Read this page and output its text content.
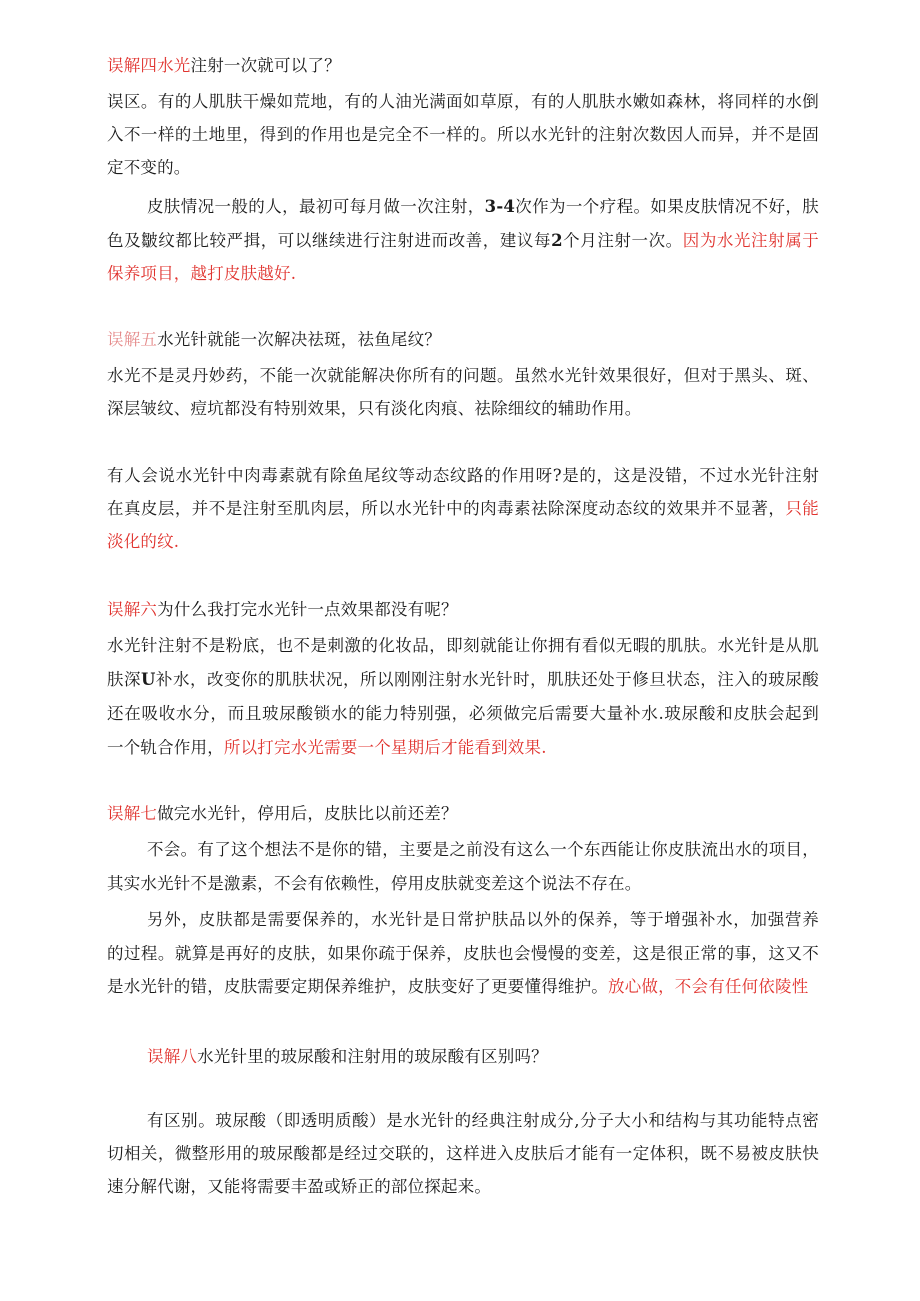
误解四水光注射一次就可以了？
误区。有的人肌肤干燥如荒地，有的人油光满面如草原，有的人肌肤水嫩如森林，将同样的水倒
入不一样的土地里，得到的作用也是完全不一样的。所以水光针的注射次数因人而异，并不是固
定不变的。
皮肤情况一般的人，最初可每月做一次注射，3-4次作为一个疗程。如果皮肤情况不好，肤
色及皺纹都比较严揖，可以继续进行注射进而改善，建议每2个月注射一次。因为水光注射属于
保养项目，越打皮肤越好.
误解五水光针就能一次解决祛斑，祛鱼尾纹？
水光不是灵丹妙药，不能一次就能解决你所有的问题。虽然水光针效果很好，但对于黑头、斑、
深层皱纹、痘坑都没有特别效果，只有淡化肉痕、祛除细纹的辅助作用。
有人会说水光针中肉毒素就有除鱼尾纹等动态纹路的作用呀?是的，这是没错，不过水光针注射
在真皮层，并不是注射至肌肉层，所以水光针中的肉毒素祛除深度动态纹的效果并不显著，只能
淡化的纹.
误解六为什么我打完水光针一点效果都没有呢？
水光针注射不是粉底，也不是刺激的化妆品，即刻就能让你拥有看似无暇的肌肤。水光针是从肌
肤深U补水，改变你的肌肤状况，所以刚刚注射水光针时，肌肤还处于修旦状态，注入的玻尿酸
还在吸收水分，而且玻尿酸锁水的能力特别强，必须做完后需要大量补水.玻尿酸和皮肤会起到
一个轨合作用，所以打完水光需要一个星期后才能看到效果.
误解七做完水光针，停用后，皮肤比以前还差？
不会。有了这个想法不是你的错，主要是之前没有这么一个东西能让你皮肤流出水的项目，
其实水光针不是激素，不会有依赖性，停用皮肤就变差这个说法不存在。
另外，皮肤都是需要保养的，水光针是日常护肤品以外的保养，等于增强补水，加强营养
的过程。就算是再好的皮肤，如果你疏于保养，皮肤也会慢慢的变差，这是很正常的事，这又不
是水光针的错，皮肤需要定期保养维护，皮肤变好了更要懂得维护。放心做，不会有任何依陵性
误解八水光针里的玻尿酸和注射用的玻尿酸有区别吗？
有区别。玻尿酸（即透明质酸）是水光针的经典注射成分,分子大小和结构与其功能特点密
切相关，微整形用的玻尿酸都是经过交联的，这样进入皮肤后才能有一定体积，既不易被皮肤快
速分解代谢，又能将需要丰盈或矫正的部位探起来。
